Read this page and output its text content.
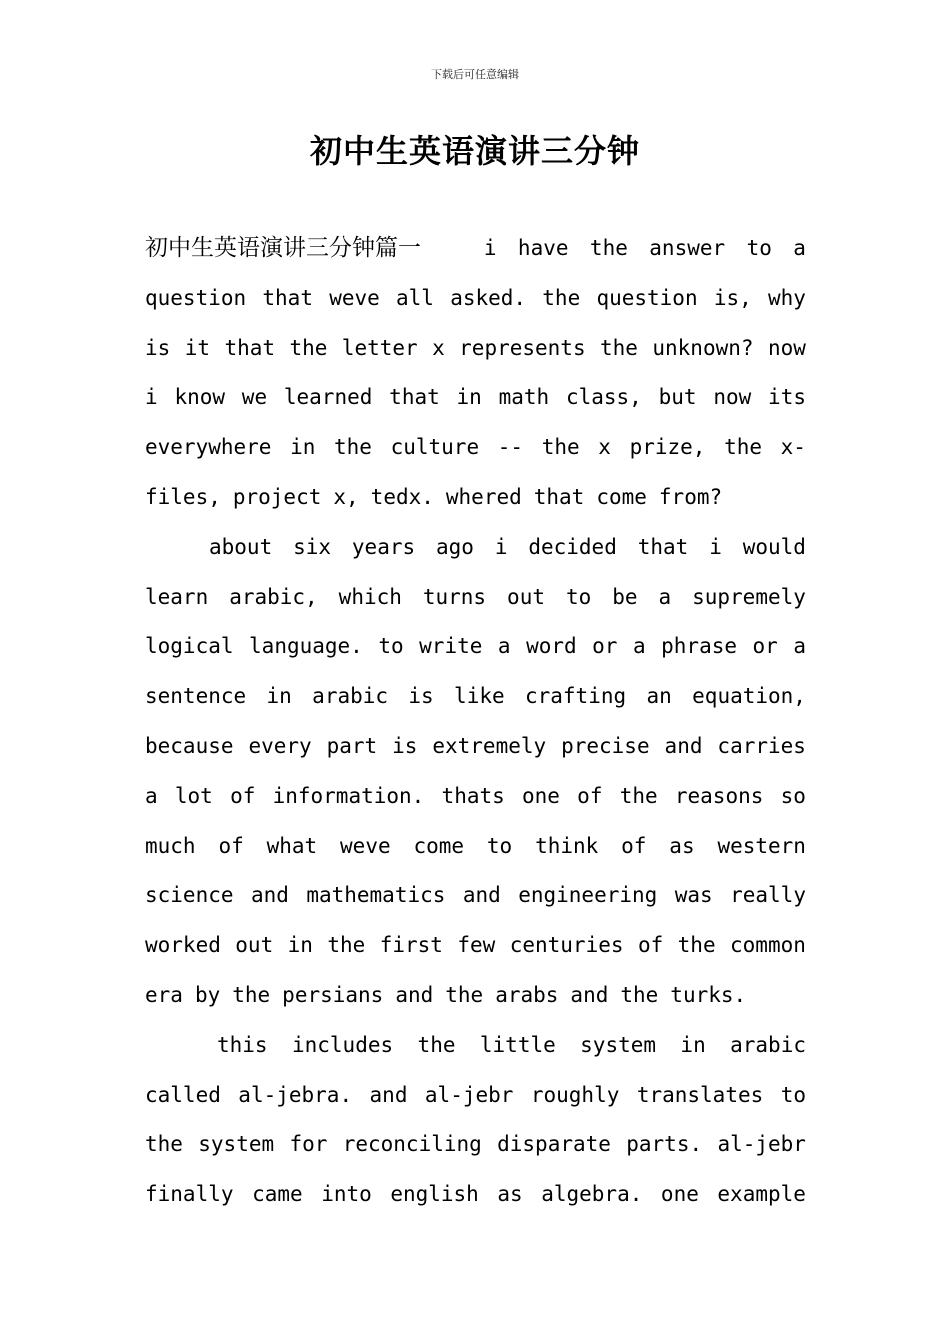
下载后可任意编辑
初中生英语演讲三分钟
初中生英语演讲三分钟篇一	i have the answer to a
question that weve all asked. the question is, why
is it that the letter x represents the unknown? now
i know we learned that in math class, but now its
everywhere in the culture -- the x prize, the x-
files, project x, tedx. whered that come from?
about six years ago i decided that i would
learn arabic, which turns out to be a supremely
logical language. to write a word or a phrase or a
sentence in arabic is like crafting an equation,
because every part is extremely precise and carries
a lot of information. thats one of the reasons so
much of what weve come to think of as western
science and mathematics and engineering was really
worked out in the first few centuries of the common
era by the persians and the arabs and the turks.
this includes the little system in arabic
called al-jebra. and al-jebr roughly translates to
the system for reconciling disparate parts. al-jebr
finally came into english as algebra. one example
